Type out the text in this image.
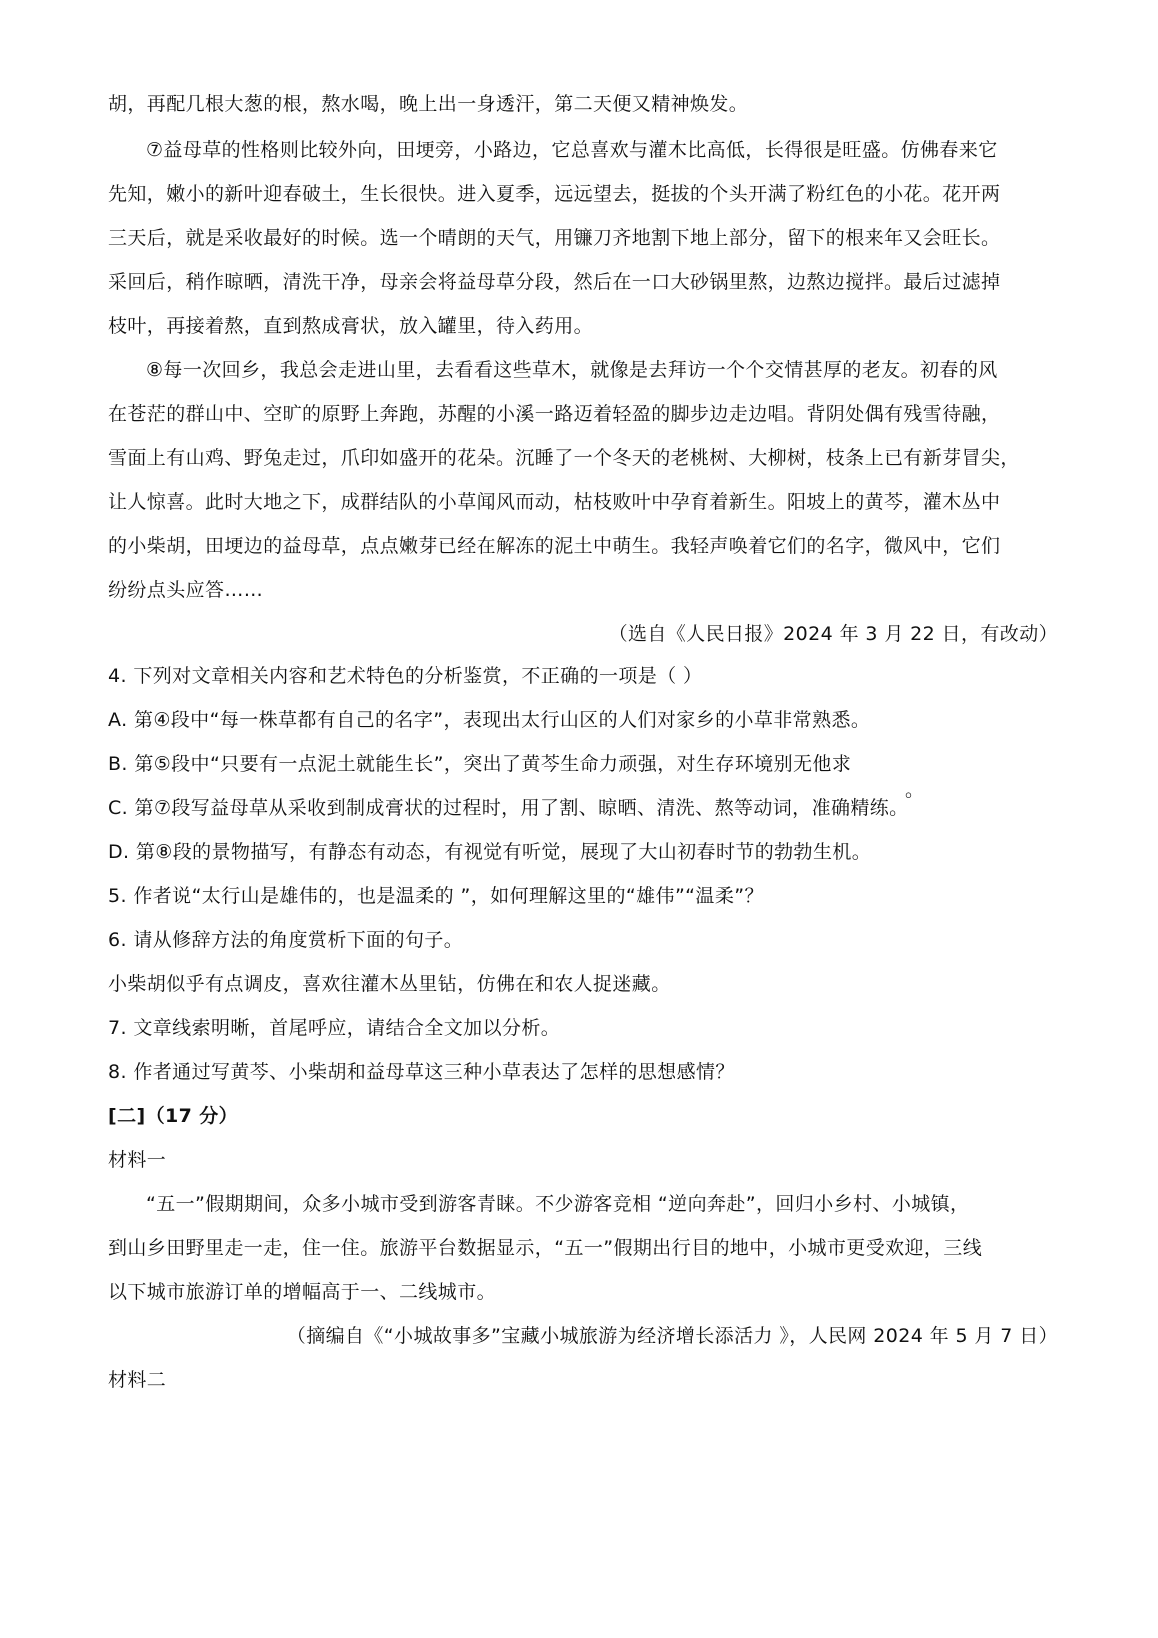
胡，再配几根大葱的根，熬水喝，晚上出一身透汗，第二天便又精神焕发。
⑦益母草的性格则比较外向，田埂旁，小路边，它总喜欢与灌木比高低，长得很是旺盛。仿佛春来它
先知，嫩小的新叶迎春破土，生长很快。进入夏季，远远望去，挺拔的个头开满了粉红色的小花。花开两
三天后，就是采收最好的时候。选一个晴朗的天气，用镰刀齐地割下地上部分，留下的根来年又会旺长。
采回后，稍作晾晒，清洗干净，母亲会将益母草分段，然后在一口大砂锅里熬，边熬边搅拌。最后过滤掉
枝叶，再接着熬，直到熬成膏状，放入罐里，待入药用。
⑧每一次回乡，我总会走进山里，去看看这些草木，就像是去拜访一个个交情甚厚的老友。初春的风
在苍茫的群山中、空旷的原野上奔跑，苏醒的小溪一路迈着轻盈的脚步边走边唱。背阴处偶有残雪待融，
雪面上有山鸡、野兔走过，爪印如盛开的花朵。沉睡了一个冬天的老桃树、大柳树，枝条上已有新芽冒尖，
让人惊喜。此时大地之下，成群结队的小草闻风而动，枯枝败叶中孕育着新生。阳坡上的黄芩，灌木丛中
的小柴胡，田埂边的益母草，点点嫩芽已经在解冻的泥土中萌生。我轻声唤着它们的名字，微风中，它们
纷纷点头应答……
（选自《人民日报》2024 年 3 月 22 日，有改动）
4. 下列对文章相关内容和艺术特色的分析鉴赏，不正确的一项是（ ）
A. 第④段中“每一株草都有自己的名字”，表现出太行山区的人们对家乡的小草非常熟悉。
B. 第⑤段中“只要有一点泥土就能生长”，突出了黄芩生命力顽强，对生存环境别无他求
。
C. 第⑦段写益母草从采收到制成膏状的过程时，用了割、晾晒、清洗、熬等动词，准确精练。
D. 第⑧段的景物描写，有静态有动态，有视觉有听觉，展现了大山初春时节的勃勃生机。
5. 作者说“太行山是雄伟的，也是温柔的 ”，如何理解这里的“雄伟”“温柔”？
6. 请从修辞方法的角度赏析下面的句子。
小柴胡似乎有点调皮，喜欢往灌木丛里钻，仿佛在和农人捉迷藏。
7. 文章线索明晰，首尾呼应，请结合全文加以分析。
8. 作者通过写黄芩、小柴胡和益母草这三种小草表达了怎样的思想感情？
[二]（17 分）
材料一
“五一”假期期间，众多小城市受到游客青睐。不少游客竞相 “逆向奔赴”，回归小乡村、小城镇，
到山乡田野里走一走，住一住。旅游平台数据显示，“五一”假期出行目的地中，小城市更受欢迎，三线
以下城市旅游订单的增幅高于一、二线城市。
（摘编自《“小城故事多”宝藏小城旅游为经济增长添活力 》，人民网 2024 年 5 月 7 日）
材料二
